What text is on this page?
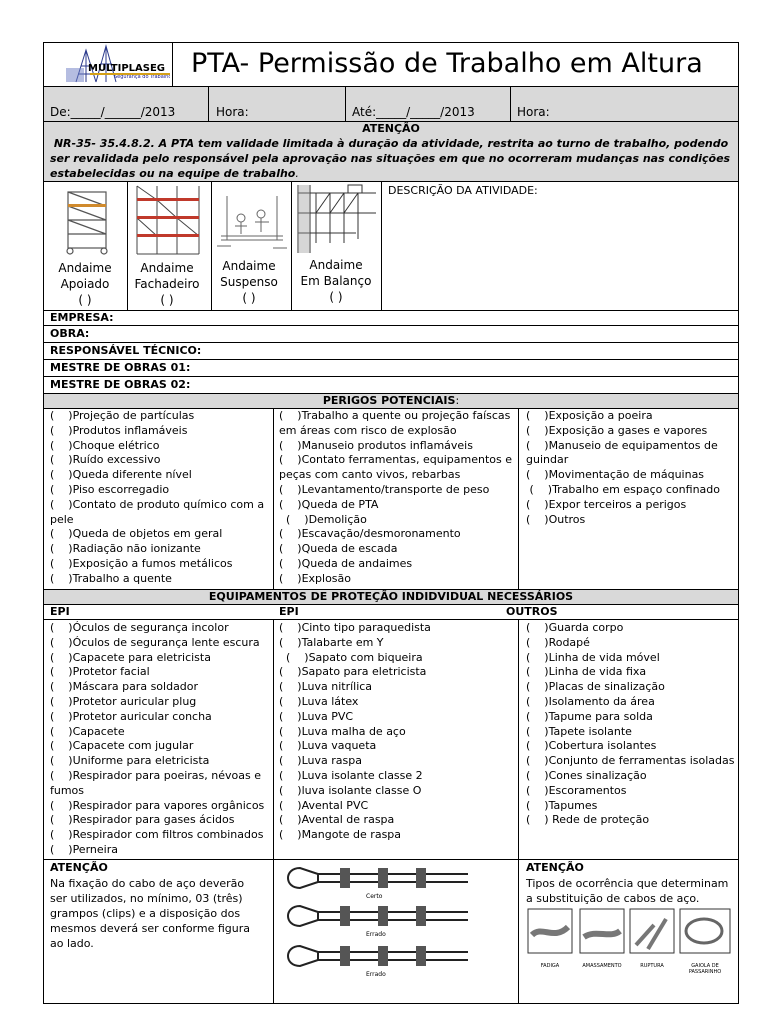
MULTIPLASEG
Segurança do Trabalho PTA- Permissão de Trabalho em Altura
De:_____/______/2013	Hora:	Até:_____/_____/2013	Hora:
ATENÇÃO
NR-35- 35.4.8.2. A PTA tem validade limitada à duração da atividade, restrita ao turno de trabalho, podendo ser revalidada pelo responsável pela aprovação nas situações em que no ocorreram mudanças nas condições estabelecidas ou na equipe de trabalho.
Andaime
Apoiado
( )
Andaime
Fachadeiro
( )
Andaime
Suspenso
( )
Andaime
Em Balanço
( )
DESCRIÇÃO DA ATIVIDADE:
EMPRESA:
OBRA:
RESPONSÁVEL TÉCNICO:
MESTRE DE OBRAS 01:
MESTRE DE OBRAS 02:
PERIGOS POTENCIAIS:
(    )Projeção de partículas
(    )Produtos inflamáveis
(    )Choque elétrico
(    )Ruído excessivo
(    )Queda diferente nível
(    )Piso escorregadio
(    )Contato de produto químico com a pele
(    )Queda de objetos em geral
(    )Radiação não ionizante
(    )Exposição a fumos metálicos
(    )Trabalho a quente
(    )Trabalho a quente ou projeção faíscas em áreas com risco de explosão
(    )Manuseio produtos inflamáveis
(    )Contato ferramentas, equipamentos e peças com canto vivos, rebarbas
(    )Levantamento/transporte de peso
(    )Queda de PTA
(    )Demolição
(    )Escavação/desmoronamento
(    )Queda de escada
(    )Queda de andaimes
(    )Explosão
(    )Exposição a poeira
(    )Exposição a gases e vapores
(    )Manuseio de equipamentos de guindar
(    )Movimentação de máquinas
(    )Trabalho em espaço confinado
(    )Expor terceiros a perigos
(    )Outros
EQUIPAMENTOS DE PROTEÇÃO INDIDVIDUAL NECESSÁRIOS
EPI	EPI	OUTROS
(    )Óculos de segurança incolor
(    )Óculos de segurança lente escura
(    )Capacete para eletricista
(    )Protetor facial
(    )Máscara para soldador
(    )Protetor auricular plug
(    )Protetor auricular concha
(    )Capacete
(    )Capacete com jugular
(    )Uniforme para eletricista
(    )Respirador para poeiras, névoas e fumos
(    )Respirador para vapores orgânicos
(    )Respirador para gases ácidos
(    )Respirador com filtros combinados
(    )Perneira
(    )Cinto tipo paraquedista
(    )Talabarte em Y
(    )Sapato com biqueira
(    )Sapato para eletricista
(    )Luva nitrílica
(    )Luva látex
(    )Luva PVC
(    )Luva malha de aço
(    )Luva vaqueta
(    )Luva raspa
(    )Luva isolante classe 2
(    )luva isolante classe O
(    )Avental PVC
(    )Avental de raspa
(    )Mangote de raspa
(    )Guarda corpo
(    )Rodapé
(    )Linha de vida móvel
(    )Linha de vida fixa
(    )Placas de sinalização
(    )Isolamento da área
(    )Tapume para solda
(    )Tapete isolante
(    )Cobertura isolantes
(    )Conjunto de ferramentas isoladas
(    )Cones sinalização
(    )Escoramentos
(    )Tapumes
(    ) Rede de proteção
ATENÇÃO
Na fixação do cabo de aço deverão ser utilizados, no mínimo, 03 (três) grampos (clips) e a disposição dos mesmos deverá ser conforme figura ao lado.
Certo
Errado
Errado
ATENÇÃO
Tipos de ocorrência que determinam a substituição de cabos de aço.
FADIGA	AMASSAMENTO	RUPTURA	GAIOLA DE PASSARINHO
